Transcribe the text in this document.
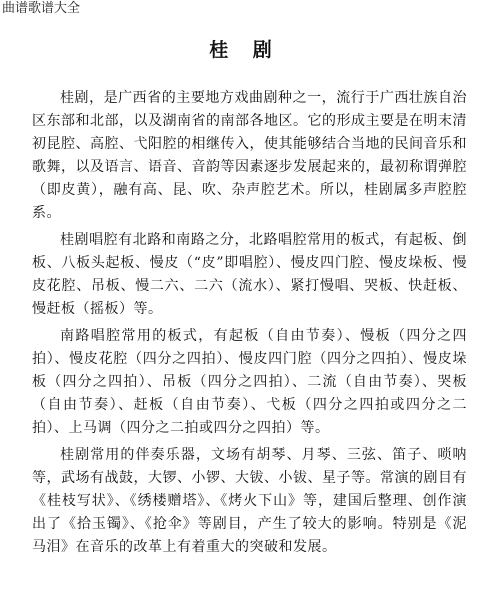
曲谱歌谱大全
桂 剧

桂剧，是广西省的主要地方戏曲剧种之一，流行于广西壮族自治区东部和北部，以及湖南省的南部各地区。它的形成主要是在明末清初昆腔、高腔、弋阳腔的相继传入，使其能够结合当地的民间音乐和歌舞，以及语言、语音、音韵等因素逐步发展起来的，最初称谓弹腔（即皮黄），融有高、昆、吹、杂声腔艺术。所以，桂剧属多声腔腔系。

桂剧唱腔有北路和南路之分，北路唱腔常用的板式，有起板、倒板、八板头起板、慢皮（“皮”即唱腔）、慢皮四门腔、慢皮垛板、慢皮花腔、吊板、慢二六、二六（流水）、紧打慢唱、哭板、快赶板、慢赶板（摇板）等。

南路唱腔常用的板式，有起板（自由节奏）、慢板（四分之四拍）、慢皮花腔（四分之四拍）、慢皮四门腔（四分之四拍）、慢皮垛板（四分之四拍）、吊板（四分之四拍）、二流（自由节奏）、哭板（自由节奏）、赶板（自由节奏）、弋板（四分之四拍或四分之二拍）、上马调（四分之二拍或四分之四拍）等。

桂剧常用的伴奏乐器，文场有胡琴、月琴、三弦、笛子、唢呐等，武场有战鼓，大锣、小锣、大钹、小钹、星子等。常演的剧目有《桂枝写状》、《绣楼赠塔》、《烤火下山》等，建国后整理、创作演出了《拾玉镯》、《抢伞》等剧目，产生了较大的影响。特别是《泥马泪》在音乐的改革上有着重大的突破和发展。
